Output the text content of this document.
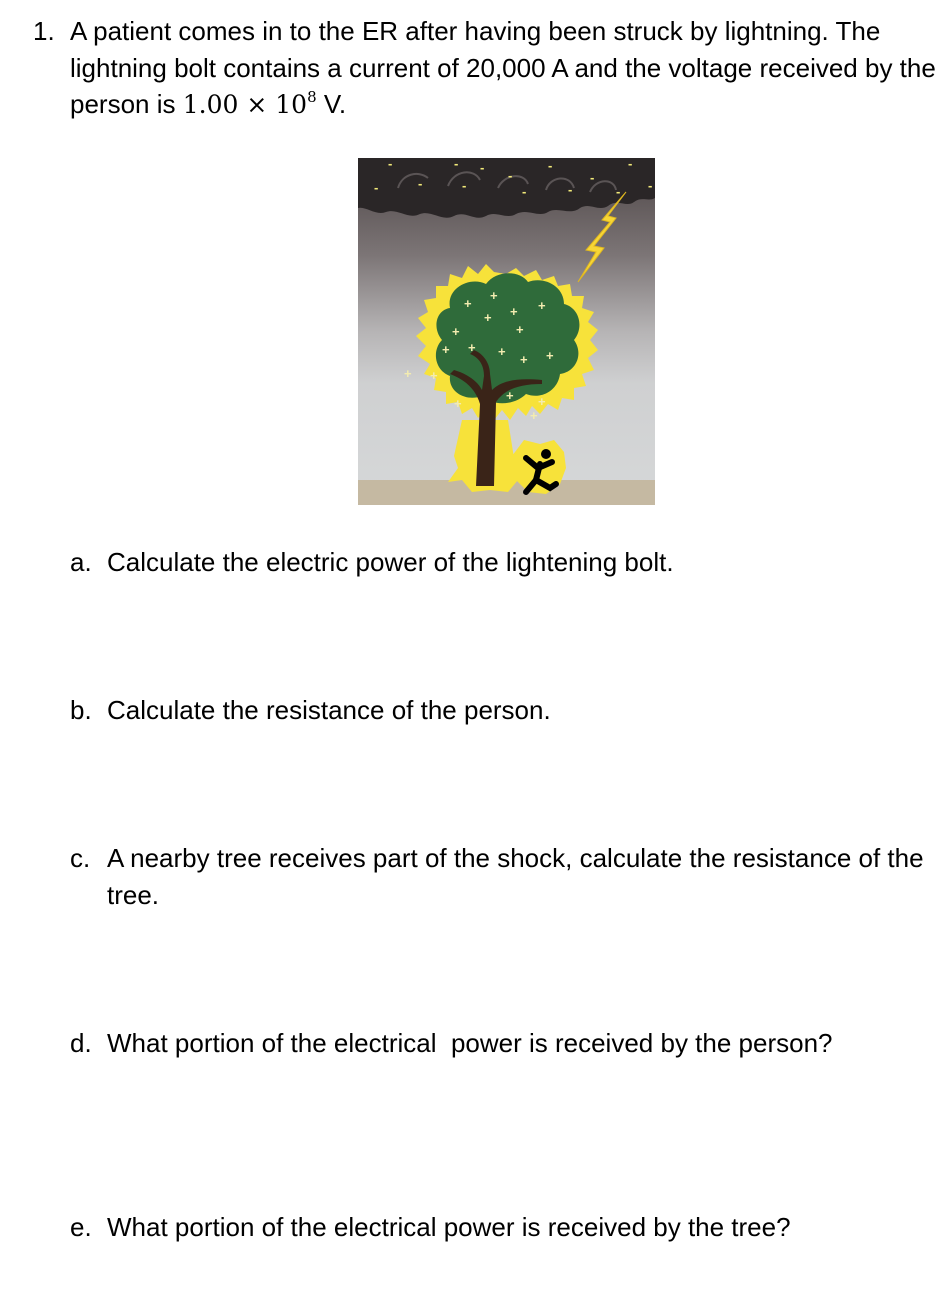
1. A patient comes in to the ER after having been struck by lightning. The lightning bolt contains a current of 20,000 A and the voltage received by the person is $1.00 \times 10^8$ V.
-	- -
-
-
-
-
-	-	-	-	-	- -
+
+
+ + +
+
+
+ + +
+ +
+ +
+
+ +
+
a. Calculate the electric power of the lightening bolt.
b. Calculate the resistance of the person.
c. A nearby tree receives part of the shock, calculate the resistance of the tree.
d. What portion of the electrical  power is received by the person?
e. What portion of the electrical power is received by the tree?
